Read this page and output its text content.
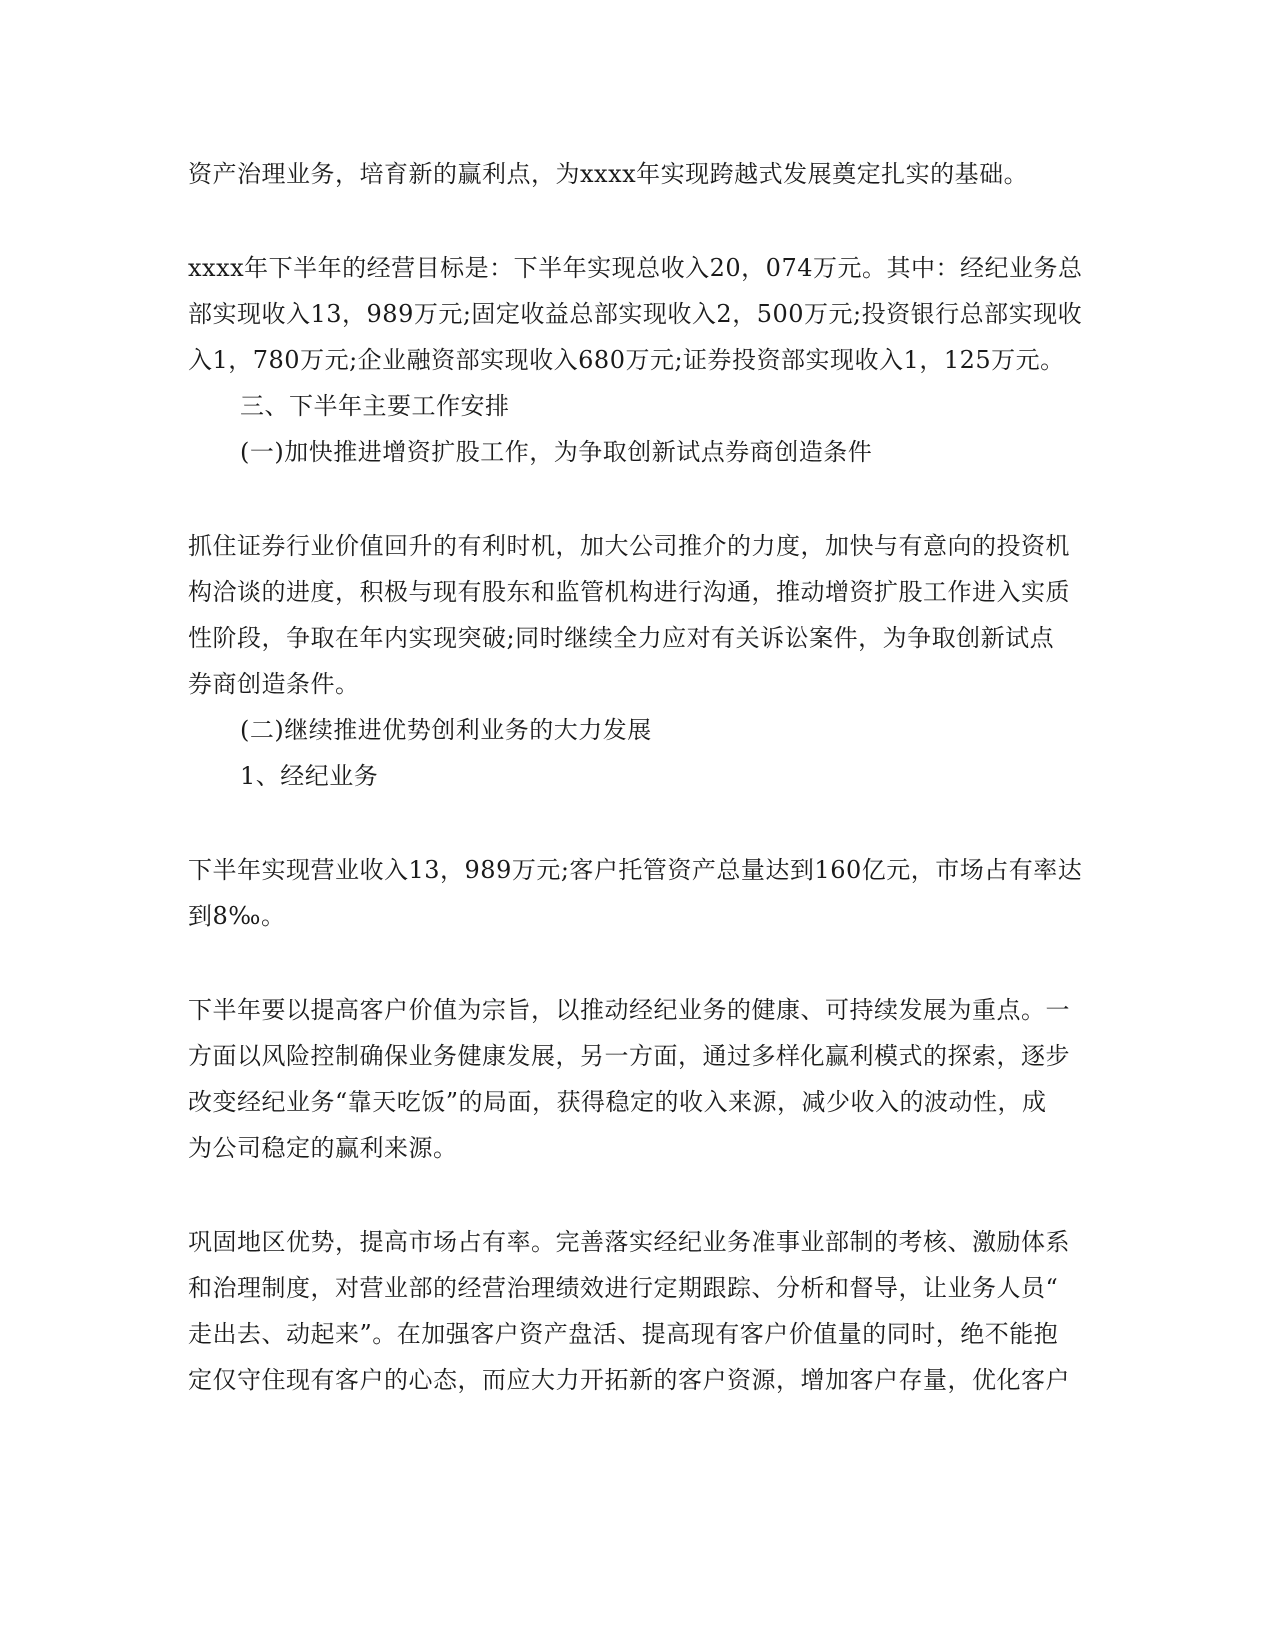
资产治理业务，培育新的赢利点，为xxxx年实现跨越式发展奠定扎实的基础。
xxxx年下半年的经营目标是：下半年实现总收入20，074万元。其中：经纪业务总
部实现收入13，989万元;固定收益总部实现收入2，500万元;投资银行总部实现收
入1，780万元;企业融资部实现收入680万元;证券投资部实现收入1，125万元。
三、下半年主要工作安排
(一)加快推进增资扩股工作，为争取创新试点券商创造条件
抓住证券行业价值回升的有利时机，加大公司推介的力度，加快与有意向的投资机
构洽谈的进度，积极与现有股东和监管机构进行沟通，推动增资扩股工作进入实质
性阶段，争取在年内实现突破;同时继续全力应对有关诉讼案件，为争取创新试点
券商创造条件。
(二)继续推进优势创利业务的大力发展
1、经纪业务
下半年实现营业收入13，989万元;客户托管资产总量达到160亿元，市场占有率达
到8‰。
下半年要以提高客户价值为宗旨，以推动经纪业务的健康、可持续发展为重点。一
方面以风险控制确保业务健康发展，另一方面，通过多样化赢利模式的探索，逐步
改变经纪业务“靠天吃饭”的局面，获得稳定的收入来源，减少收入的波动性，成
为公司稳定的赢利来源。
巩固地区优势，提高市场占有率。完善落实经纪业务准事业部制的考核、激励体系
和治理制度，对营业部的经营治理绩效进行定期跟踪、分析和督导，让业务人员“
走出去、动起来”。在加强客户资产盘活、提高现有客户价值量的同时，绝不能抱
定仅守住现有客户的心态，而应大力开拓新的客户资源，增加客户存量，优化客户
